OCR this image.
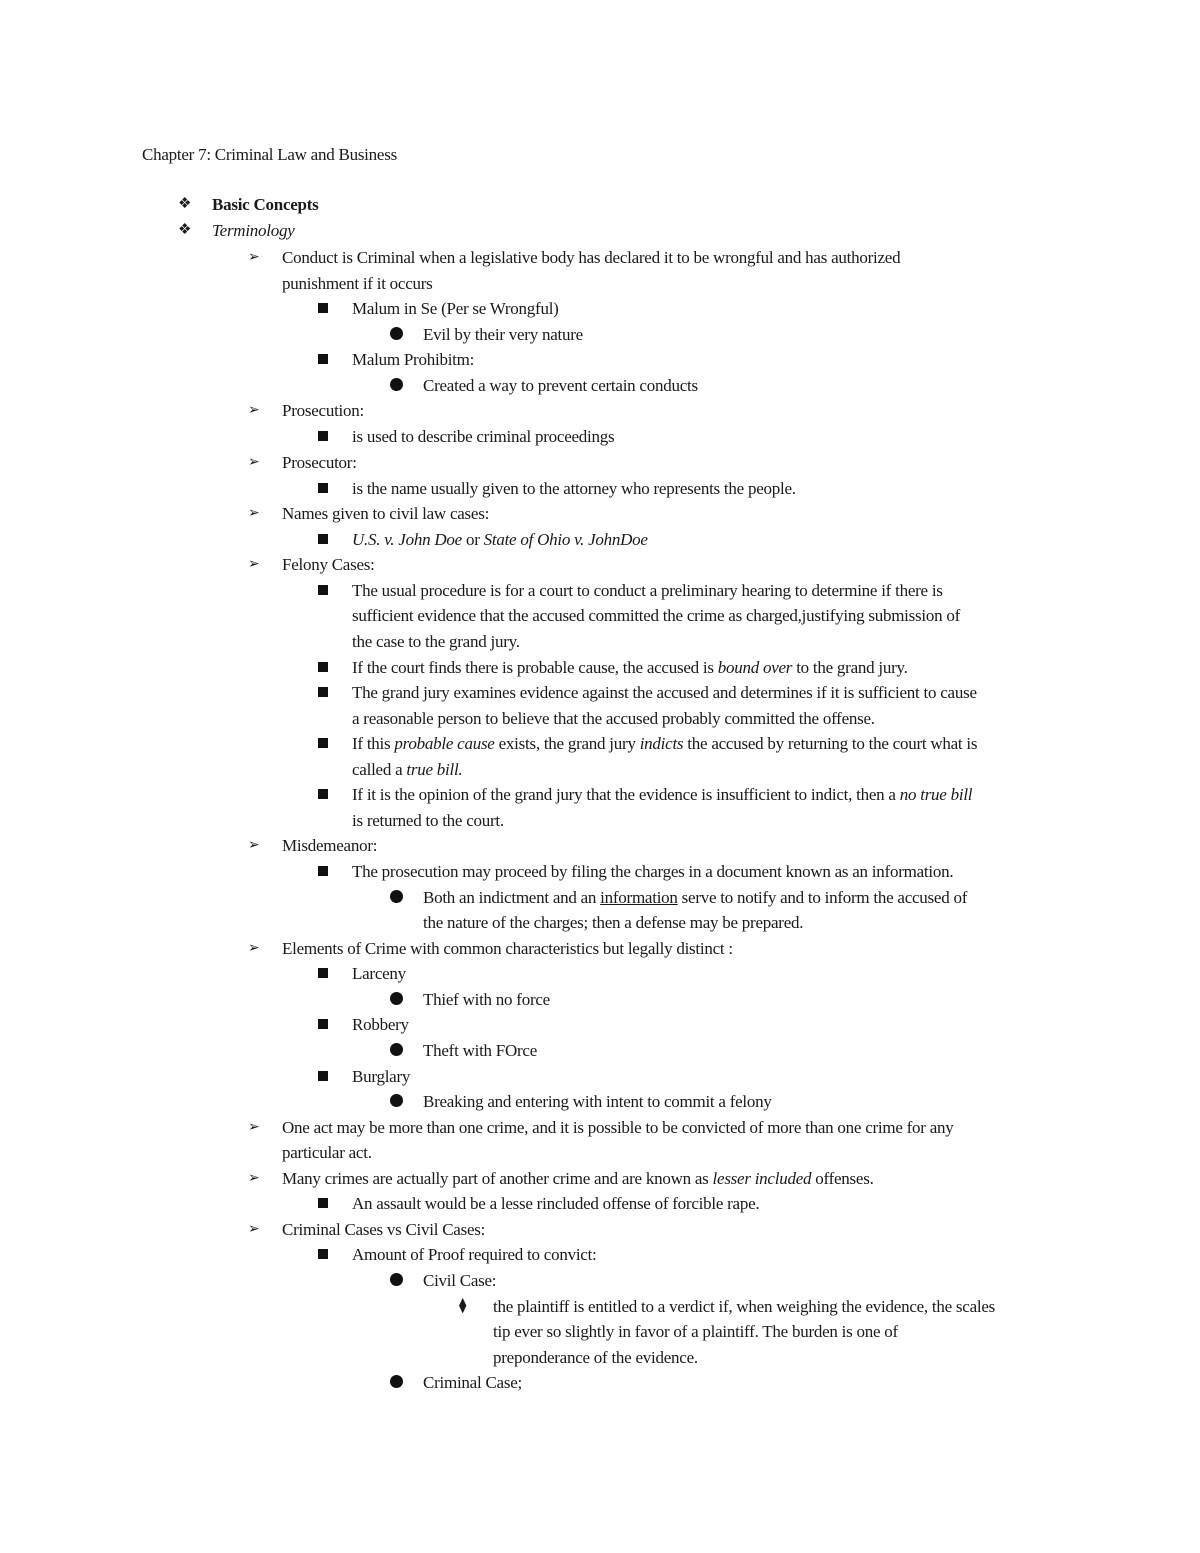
Chapter 7: Criminal Law and Business
❖ Basic Concepts
❖ Terminology
➢ Conduct is Criminal when a legislative body has declared it to be wrongful and has authorized
punishment if it occurs
Malum in Se (Per se Wrongful)
Evil by their very nature
Malum Prohibitm:
Created a way to prevent certain conducts
➢ Prosecution:
is used to describe criminal proceedings
➢ Prosecutor:
is the name usually given to the attorney who represents the people.
➢ Names given to civil law cases:
U.S. v. John Doe or State of Ohio v. JohnDoe
➢ Felony Cases:
The usual procedure is for a court to conduct a preliminary hearing to determine if there is
sufficient evidence that the accused committed the crime as charged,justifying submission of
the case to the grand jury.
If the court finds there is probable cause, the accused is bound over to the grand jury.
The grand jury examines evidence against the accused and determines if it is sufficient to cause
a reasonable person to believe that the accused probably committed the offense.
If this probable cause exists, the grand jury indicts the accused by returning to the court what is
called a true bill.
If it is the opinion of the grand jury that the evidence is insufficient to indict, then a no true bill
is returned to the court.
➢ Misdemeanor:
The prosecution may proceed by filing the charges in a document known as an information.
Both an indictment and an information serve to notify and to inform the accused of
the nature of the charges; then a defense may be prepared.
➢ Elements of Crime with common characteristics but legally distinct :
Larceny
Thief with no force
Robbery
Theft with FOrce
Burglary
Breaking and entering with intent to commit a felony
➢ One act may be more than one crime, and it is possible to be convicted of more than one crime for any
particular act.
➢ Many crimes are actually part of another crime and are known as lesser included offenses.
An assault would be a lesse rincluded offense of forcible rape.
➢ Criminal Cases vs Civil Cases:
Amount of Proof required to convict:
Civil Case:
⧫ the plaintiff is entitled to a verdict if, when weighing the evidence, the scales
tip ever so slightly in favor of a plaintiff. The burden is one of
preponderance of the evidence.
Criminal Case;
